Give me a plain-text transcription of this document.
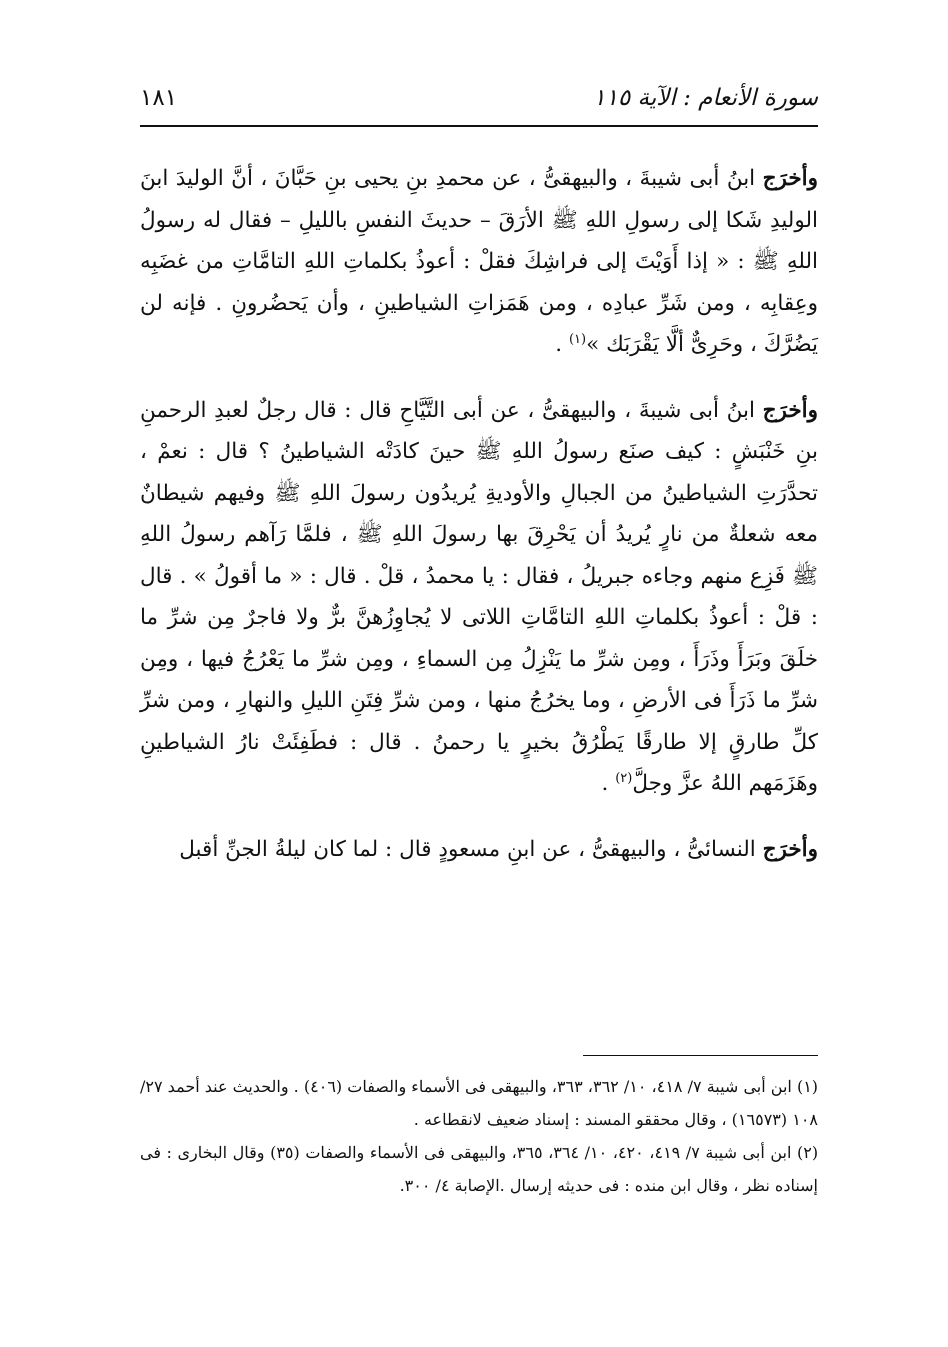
سورة الأنعام : الآية ١١٥
١٨١

وأخرَج ابنُ أبى شيبةَ ، والبيهقىُّ ، عن محمدِ بنِ يحيى بنِ حَبَّانَ ، أنَّ الوليدَ ابنَ الوليدِ شَكا إلى رسولِ اللهِ ﷺ الأرَقَ – حديثَ النفسِ بالليلِ – فقال له رسولُ اللهِ ﷺ : « إذا أَوَيْتَ إلى فراشِكَ فقلْ : أعوذُ بكلماتِ اللهِ التامَّاتِ من غضَبِه وعِقابِه ، ومن شَرِّ عبادِه ، ومن هَمَزاتِ الشياطينِ ، وأن يَحضُرونِ . فإنه لن يَضُرَّكَ ، وحَرِىٌّ ألَّا يَقْرَبَك »$^{(١)}$ .

وأخرَج ابنُ أبى شيبةَ ، والبيهقىُّ ، عن أبى التَّيَّاحِ قال : قال رجلٌ لعبدِ الرحمنِ بنِ خَنْبَشٍ : كيف صنَع رسولُ اللهِ ﷺ حينَ كادَتْه الشياطينُ ؟ قال : نعمْ ، تحدَّرَتِ الشياطينُ من الجبالِ والأوديةِ يُريدُون رسولَ اللهِ ﷺ وفيهم شيطانٌ معه شعلةٌ من نارٍ يُريدُ أن يَحْرِقَ بها رسولَ اللهِ ﷺ ، فلمَّا رَآهم رسولُ اللهِ ﷺ فَزِع منهم وجاءه جبريلُ ، فقال : يا محمدُ ، قلْ . قال : « ما أقولُ » . قال : قلْ : أعوذُ بكلماتِ اللهِ التامَّاتِ اللاتى لا يُجاوِزُهنَّ برٌّ ولا فاجرٌ مِن شرِّ ما خلَقَ وبَرَأَ وذَرَأَ ، ومِن شرِّ ما يَنْزِلُ مِن السماءِ ، ومِن شرِّ ما يَعْرُجُ فيها ، ومِن شرِّ ما ذَرَأَ فى الأرضِ ، وما يخرُجُ منها ، ومن شرِّ فِتَنِ الليلِ والنهارِ ، ومن شرِّ كلِّ طارقٍ إلا طارقًا يَطْرُقُ بخيرٍ يا رحمنُ . قال : فطَفِئَتْ نارُ الشياطينِ وهَزَمَهم اللهُ عزَّ وجلَّ$^{(٢)}$ .

وأخرَج النسائىُّ ، والبيهقىُّ ، عن ابنِ مسعودٍ قال : لما كان ليلةُ الجنِّ أقبل

(١) ابن أبى شيبة ٧/ ٤١٨، ١٠/ ٣٦٢، ٣٦٣، والبيهقى فى الأسماء والصفات (٤٠٦) . والحديث عند أحمد ٢٧/ ١٠٨ (١٦٥٧٣) ، وقال محققو المسند : إسناد ضعيف لانقطاعه .

(٢) ابن أبى شيبة ٧/ ٤١٩، ٤٢٠، ١٠/ ٣٦٤، ٣٦٥، والبيهقى فى الأسماء والصفات (٣٥) وقال البخارى : فى إسناده نظر ، وقال ابن منده : فى حديثه إرسال .الإصابة ٤/ ٣٠٠.
